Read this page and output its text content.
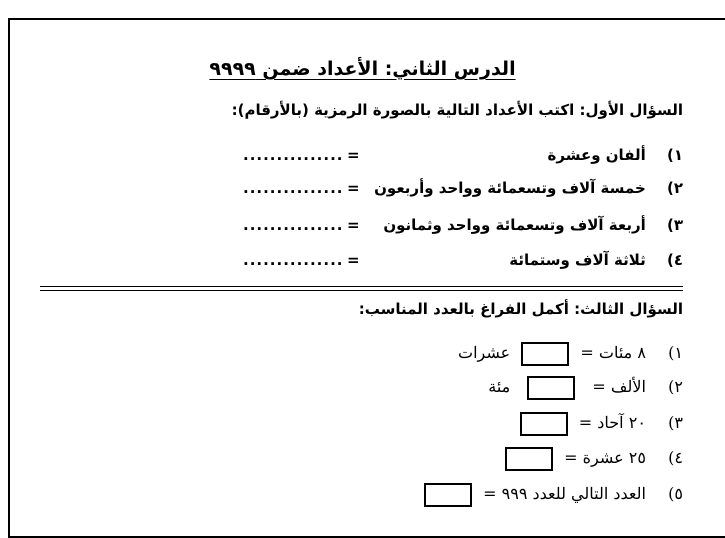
الدرس الثاني: الأعداد ضمن ٩٩٩٩
السؤال الأول: اكتب الأعداد التالية بالصورة الرمزية (بالأرقام):
١) ألفان وعشرة
=
...............
٢) خمسة آلاف وتسعمائة وواحد وأربعون
=
...............
٣) أربعة آلاف وتسعمائة وواحد وثمانون
=
...............
٤) ثلاثة آلاف وستمائة
=
...............
السؤال الثالث: أكمل الفراغ بالعدد المناسب:
١) ٨ مئات =  عشرات
٢) الألف =  مئة
٣) ٢٠ آحاد =
٤) ٢٥ عشرة =
٥) العدد التالي للعدد ٩٩٩ =
